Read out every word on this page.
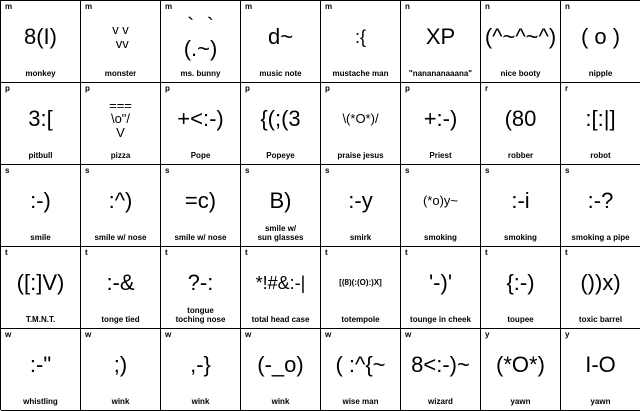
m
8(I)
monkey
m
v v
vv
monster
m
`  `
(.~)
ms. bunny
m
d~
music note
m
:{
mustache man
n
XP
"nanananaaana"
n
(^~^~^)
nice booty
n
( o )
nipple
p
3:[
pitbull
p
===
\o"/
V
pizza
p
+<:-)
Pope
p
{(;(3
Popeye
p
\(*O*)/
praise jesus
p
+:-)
Priest
r
(80
robber
r
:[:|]
robot
s
:-)
smile
s
:^)
smile w/ nose
s
=c)
smile w/ nose
s
B)
smile w/
sun glasses
s
:-y
smirk
s
(*o)y~
smoking
s
:-i
smoking
s
:-?
smoking a pipe
t
([:]V)
T.M.N.T.
t
:-&
tonge tied
t
?-:
tongue
toching nose
t
*!#&:-|
total head case
t
[(8)(:(O):)X]
totempole
t
'-)'
tounge in cheek
t
{:-)
toupee
t
())x)
toxic barrel
w
:-"
whistling
w
;)
wink
w
,-}
wink
w
(-_o)
wink
w
( :^{~
wise man
w
8<:-)~
wizard
y
(*O*)
yawn
y
I-O
yawn
